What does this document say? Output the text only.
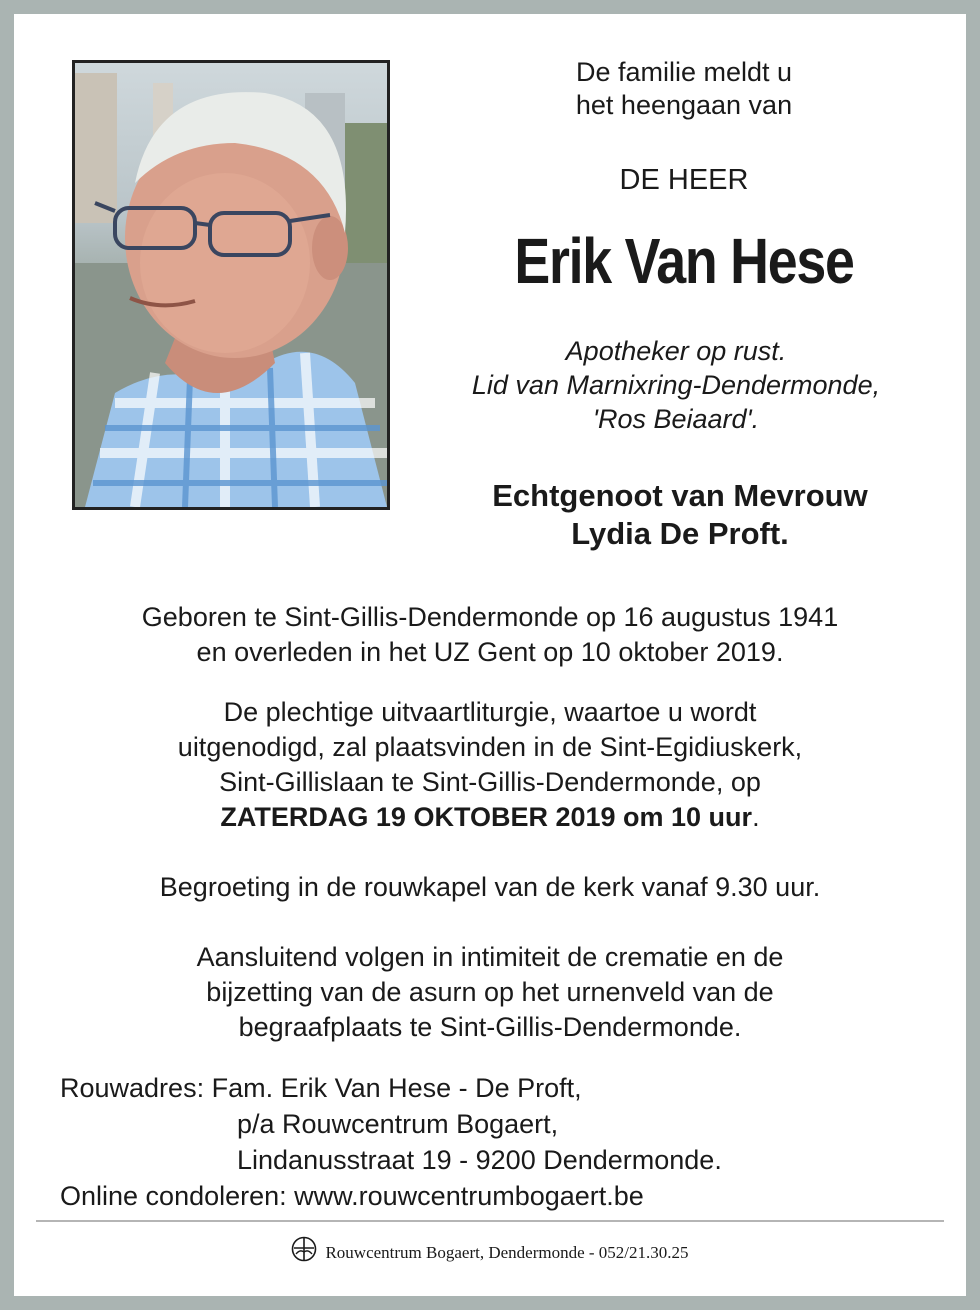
De familie meldt u
het heengaan van
DE HEER
Erik Van Hese
Apotheker op rust.
Lid van Marnixring-Dendermonde,
'Ros Beiaard'.
Echtgenoot van Mevrouw
Lydia De Proft.
Geboren te Sint-Gillis-Dendermonde op 16 augustus 1941
en overleden in het UZ Gent op 10 oktober 2019.
De plechtige uitvaartliturgie, waartoe u wordt
uitgenodigd, zal plaatsvinden in de Sint-Egidiuskerk,
Sint-Gillislaan te Sint-Gillis-Dendermonde, op
ZATERDAG 19 OKTOBER 2019 om 10 uur.
Begroeting in de rouwkapel van de kerk vanaf 9.30 uur.
Aansluitend volgen in intimiteit de crematie en de
bijzetting van de asurn op het urnenveld van de
begraafplaats te Sint-Gillis-Dendermonde.
Rouwadres: Fam. Erik Van Hese - De Proft,
p/a Rouwcentrum Bogaert,
Lindanusstraat 19 - 9200 Dendermonde.
Online condoleren: www.rouwcentrumbogaert.be
Rouwcentrum Bogaert, Dendermonde - 052/21.30.25
